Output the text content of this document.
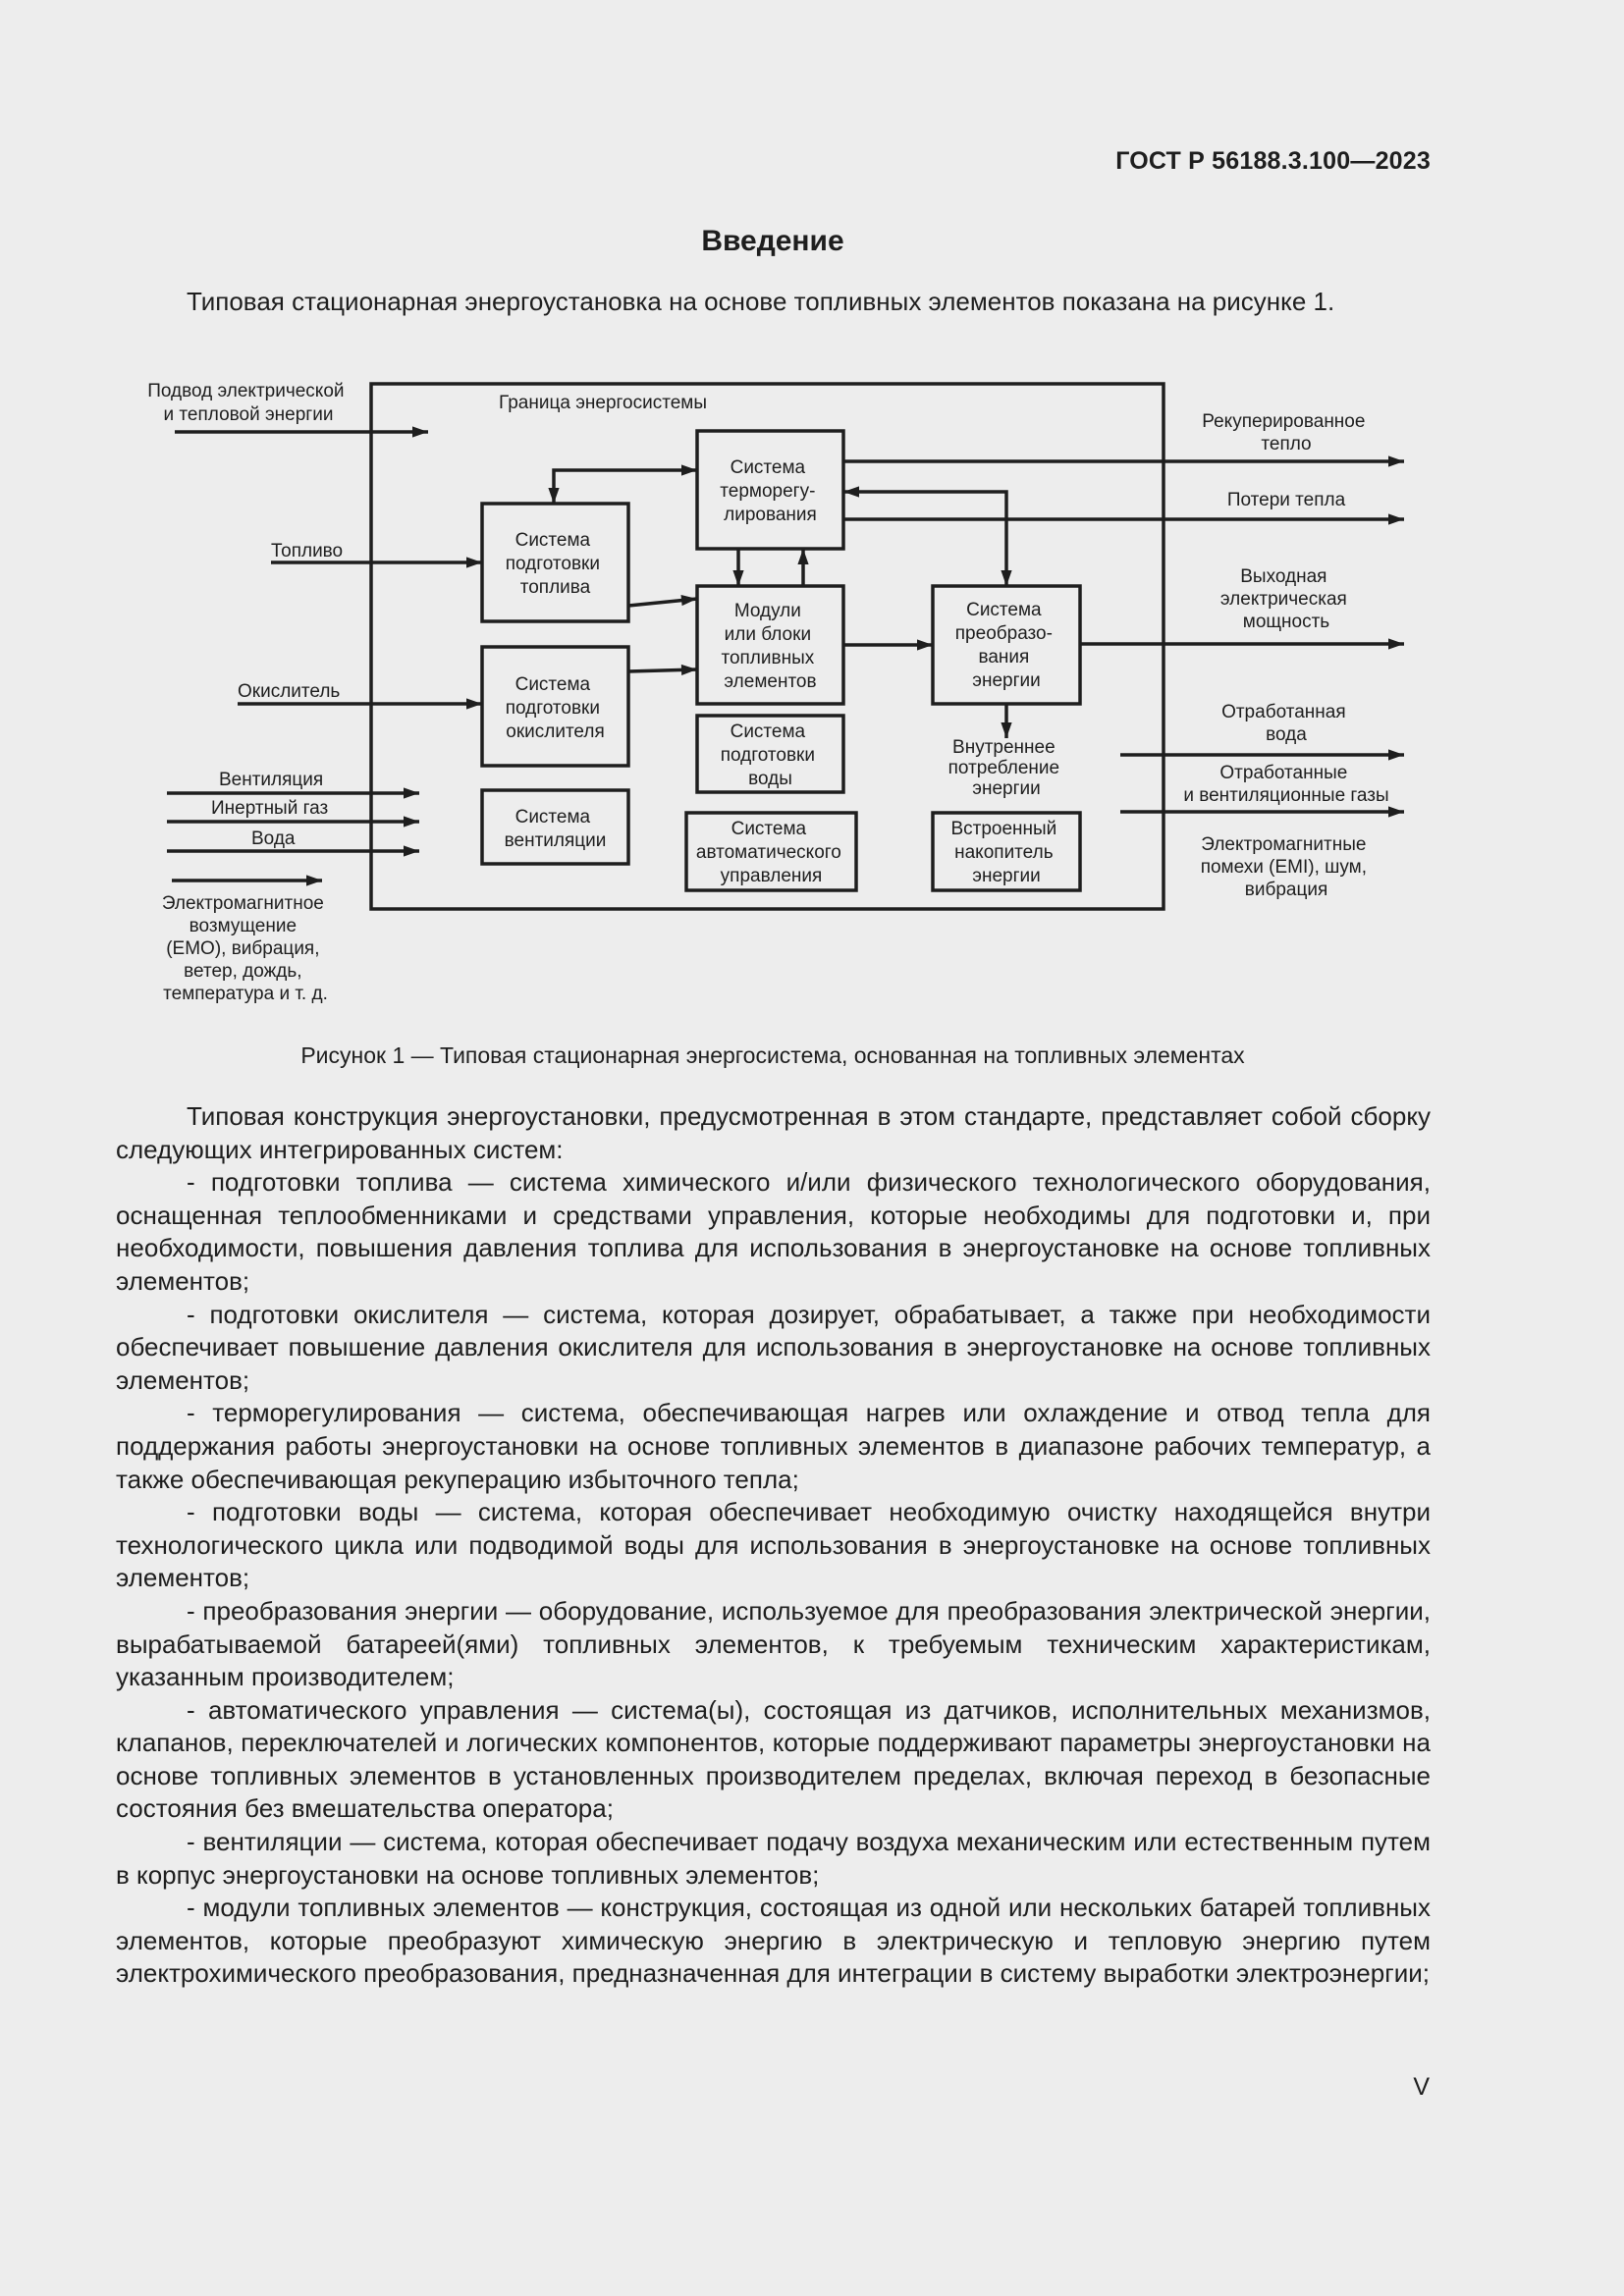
ГОСТ Р 56188.3.100—2023
Введение
Типовая стационарная энергоустановка на основе топливных элементов показана на рисунке 1.
Граница энергосистемы
Система подготовки топлива
Система подготовки окислителя
Система вентиляции
Система терморегу- лирования
Модули или блоки топливных элементов
Система подготовки воды
Система автоматического управления
Система преобразо- вания энергии
Внутреннее потребление энергии
Встроенный накопитель энергии
Подвод электрической и тепловой энергии
Топливо
Окислитель
Вентиляция
Инертный газ
Вода
Электромагнитное возмущение (ЕМО), вибрация, ветер, дождь, температура и т. д.
Рекуперированное тепло
Потери тепла
Выходная электрическая мощность
Отработанная вода
Отработанные и вентиляционные газы
Электромагнитные помехи (EMI), шум, вибрация
Рисунок 1 — Типовая стационарная энергосистема, основанная на топливных элементах

Типовая конструкция энергоустановки, предусмотренная в этом стандарте, представляет собой сборку следующих интегрированных систем:

- подготовки топлива — система химического и/или физического технологического оборудования, оснащенная теплообменниками и средствами управления, которые необходимы для подготовки и, при необходимости, повышения давления топлива для использования в энергоустановке на основе топливных элементов;

- подготовки окислителя — система, которая дозирует, обрабатывает, а также при необходимости обеспечивает повышение давления окислителя для использования в энергоустановке на основе топливных элементов;

- терморегулирования — система, обеспечивающая нагрев или охлаждение и отвод тепла для поддержания работы энергоустановки на основе топливных элементов в диапазоне рабочих температур, а также обеспечивающая рекуперацию избыточного тепла;

- подготовки воды — система, которая обеспечивает необходимую очистку находящейся внутри технологического цикла или подводимой воды для использования в энергоустановке на основе топливных элементов;

- преобразования энергии — оборудование, используемое для преобразования электрической энергии, вырабатываемой батареей(ями) топливных элементов, к требуемым техническим характеристикам, указанным производителем;

- автоматического управления — система(ы), состоящая из датчиков, исполнительных механизмов, клапанов, переключателей и логических компонентов, которые поддерживают параметры энергоустановки на основе топливных элементов в установленных производителем пределах, включая переход в безопасные состояния без вмешательства оператора;

- вентиляции — система, которая обеспечивает подачу воздуха механическим или естественным путем в корпус энергоустановки на основе топливных элементов;

- модули топливных элементов — конструкция, состоящая из одной или нескольких батарей топливных элементов, которые преобразуют химическую энергию в электрическую и тепловую энергию путем электрохимического преобразования, предназначенная для интеграции в систему выработки электроэнергии;

V
